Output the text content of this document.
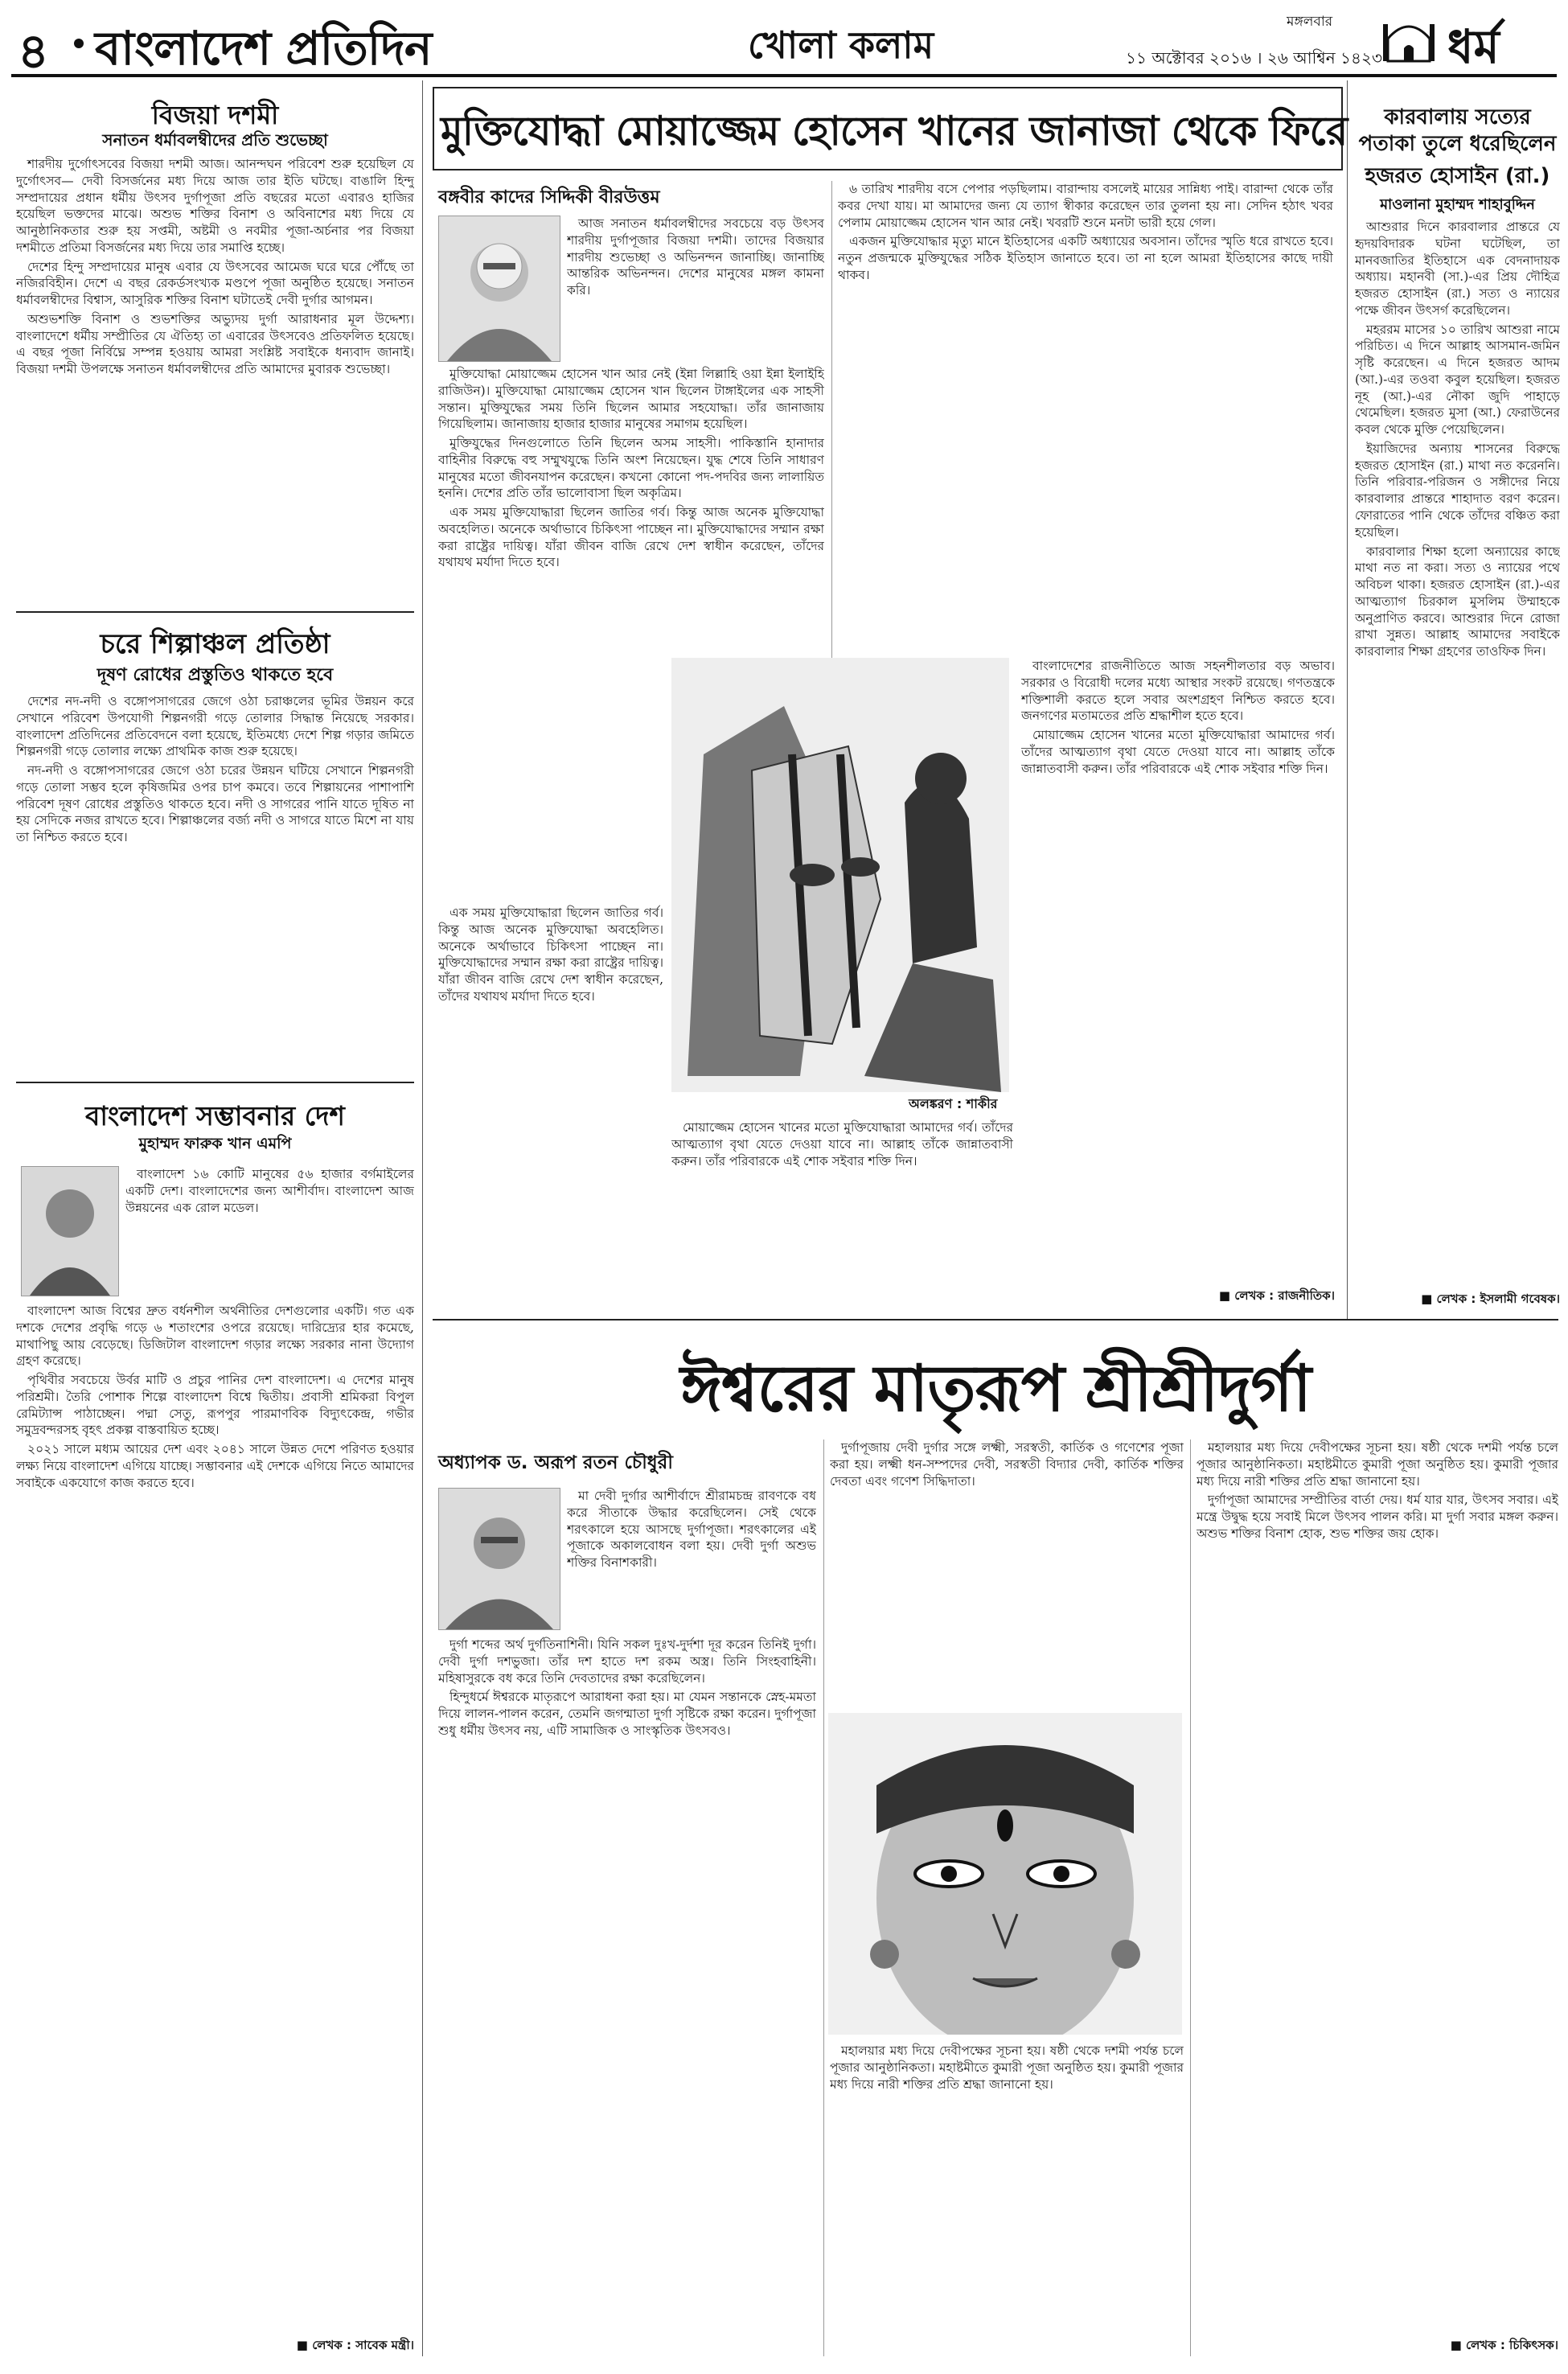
৪ বাংলাদেশ প্রতিদিন	খোলা কলাম
মঙ্গলবার
১১ অক্টোবর ২০১৬ । ২৬ আশ্বিন ১৪২৩ ধর্ম
বিজয়া দশমী
সনাতন ধর্মাবলম্বীদের প্রতি শুভেচ্ছা

শারদীয় দুর্গোৎসবের বিজয়া দশমী আজ। আনন্দঘন পরিবেশ শুরু হয়েছিল যে দুর্গোৎসব— দেবী বিসর্জনের মধ্য দিয়ে আজ তার ইতি ঘটছে। বাঙালি হিন্দু সম্প্রদায়ের প্রধান ধর্মীয় উৎসব দুর্গাপূজা প্রতি বছরের মতো এবারও হাজির হয়েছিল ভক্তদের মাঝে। অশুভ শক্তির বিনাশ ও অবিনাশের মধ্য দিয়ে যে আনুষ্ঠানিকতার শুরু হয় সপ্তমী, অষ্টমী ও নবমীর পূজা-অর্চনার পর বিজয়া দশমীতে প্রতিমা বিসর্জনের মধ্য দিয়ে তার সমাপ্তি হচ্ছে।

দেশের হিন্দু সম্প্রদায়ের মানুষ এবার যে উৎসবের আমেজ ঘরে ঘরে পৌঁছে তা নজিরবিহীন। দেশে এ বছর রেকর্ডসংখ্যক মণ্ডপে পূজা অনুষ্ঠিত হয়েছে। সনাতন ধর্মাবলম্বীদের বিশ্বাস, আসুরিক শক্তির বিনাশ ঘটাতেই দেবী দুর্গার আগমন।

অশুভশক্তি বিনাশ ও শুভশক্তির অভ্যুদয় দুর্গা আরাধনার মূল উদ্দেশ্য। বাংলাদেশে ধর্মীয় সম্প্রীতির যে ঐতিহ্য তা এবারের উৎসবেও প্রতিফলিত হয়েছে। এ বছর পূজা নির্বিঘ্নে সম্পন্ন হওয়ায় আমরা সংশ্লিষ্ট সবাইকে ধন্যবাদ জানাই। বিজয়া দশমী উপলক্ষে সনাতন ধর্মাবলম্বীদের প্রতি আমাদের মুবারক শুভেচ্ছা।

চরে শিল্পাঞ্চল প্রতিষ্ঠা
দূষণ রোধের প্রস্তুতিও থাকতে হবে

দেশের নদ-নদী ও বঙ্গোপসাগরের জেগে ওঠা চরাঞ্চলের ভূমির উন্নয়ন করে সেখানে পরিবেশ উপযোগী শিল্পনগরী গড়ে তোলার সিদ্ধান্ত নিয়েছে সরকার। বাংলাদেশ প্রতিদিনের প্রতিবেদনে বলা হয়েছে, ইতিমধ্যে দেশে শিল্প গড়ার জমিতে শিল্পনগরী গড়ে তোলার লক্ষ্যে প্রাথমিক কাজ শুরু হয়েছে।

নদ-নদী ও বঙ্গোপসাগরের জেগে ওঠা চরের উন্নয়ন ঘটিয়ে সেখানে শিল্পনগরী গড়ে তোলা সম্ভব হলে কৃষিজমির ওপর চাপ কমবে। তবে শিল্পায়নের পাশাপাশি পরিবেশ দূষণ রোধের প্রস্তুতিও থাকতে হবে। নদী ও সাগরের পানি যাতে দূষিত না হয় সেদিকে নজর রাখতে হবে। শিল্পাঞ্চলের বর্জ্য নদী ও সাগরে যাতে মিশে না যায় তা নিশ্চিত করতে হবে।

বাংলাদেশ সম্ভাবনার দেশ
মুহাম্মদ ফারুক খান এমপি

বাংলাদেশ ১৬ কোটি মানুষের ৫৬ হাজার বর্গমাইলের একটি দেশ। বাংলাদেশের জন্য আশীর্বাদ। বাংলাদেশ আজ উন্নয়নের এক রোল মডেল।

বাংলাদেশ আজ বিশ্বের দ্রুত বর্ধনশীল অর্থনীতির দেশগুলোর একটি। গত এক দশকে দেশের প্রবৃদ্ধি গড়ে ৬ শতাংশের ওপরে রয়েছে। দারিদ্র্যের হার কমেছে, মাথাপিছু আয় বেড়েছে। ডিজিটাল বাংলাদেশ গড়ার লক্ষ্যে সরকার নানা উদ্যোগ গ্রহণ করেছে।

পৃথিবীর সবচেয়ে উর্বর মাটি ও প্রচুর পানির দেশ বাংলাদেশ। এ দেশের মানুষ পরিশ্রমী। তৈরি পোশাক শিল্পে বাংলাদেশ বিশ্বে দ্বিতীয়। প্রবাসী শ্রমিকরা বিপুল রেমিট্যান্স পাঠাচ্ছেন। পদ্মা সেতু, রূপপুর পারমাণবিক বিদ্যুৎকেন্দ্র, গভীর সমুদ্রবন্দরসহ বৃহৎ প্রকল্প বাস্তবায়িত হচ্ছে।

২০২১ সালে মধ্যম আয়ের দেশ এবং ২০৪১ সালে উন্নত দেশে পরিণত হওয়ার লক্ষ্য নিয়ে বাংলাদেশ এগিয়ে যাচ্ছে। সম্ভাবনার এই দেশকে এগিয়ে নিতে আমাদের সবাইকে একযোগে কাজ করতে হবে।

■ লেখক : সাবেক মন্ত্রী।
মুক্তিযোদ্ধা মোয়াজ্জেম হোসেন খানের জানাজা থেকে ফিরে
বঙ্গবীর কাদের সিদ্দিকী বীরউত্তম

আজ সনাতন ধর্মাবলম্বীদের সবচেয়ে বড় উৎসব শারদীয় দুর্গাপূজার বিজয়া দশমী। তাদের বিজয়ার শারদীয় শুভেচ্ছা ও অভিনন্দন জানাচ্ছি। জানাচ্ছি আন্তরিক অভিনন্দন। দেশের মানুষের মঙ্গল কামনা করি।

মুক্তিযোদ্ধা মোয়াজ্জেম হোসেন খান আর নেই (ইন্না লিল্লাহি ওয়া ইন্না ইলাইহি রাজিউন)। মুক্তিযোদ্ধা মোয়াজ্জেম হোসেন খান ছিলেন টাঙ্গাইলের এক সাহসী সন্তান। মুক্তিযুদ্ধের সময় তিনি ছিলেন আমার সহযোদ্ধা। তাঁর জানাজায় গিয়েছিলাম। জানাজায় হাজার হাজার মানুষের সমাগম হয়েছিল।

মুক্তিযুদ্ধের দিনগুলোতে তিনি ছিলেন অসম সাহসী। পাকিস্তানি হানাদার বাহিনীর বিরুদ্ধে বহু সম্মুখযুদ্ধে তিনি অংশ নিয়েছেন। যুদ্ধ শেষে তিনি সাধারণ মানুষের মতো জীবনযাপন করেছেন। কখনো কোনো পদ-পদবির জন্য লালায়িত হননি। দেশের প্রতি তাঁর ভালোবাসা ছিল অকৃত্রিম।

এক সময় মুক্তিযোদ্ধারা ছিলেন জাতির গর্ব। কিন্তু আজ অনেক মুক্তিযোদ্ধা অবহেলিত। অনেকে অর্থাভাবে চিকিৎসা পাচ্ছেন না। মুক্তিযোদ্ধাদের সম্মান রক্ষা করা রাষ্ট্রের দায়িত্ব। যাঁরা জীবন বাজি রেখে দেশ স্বাধীন করেছেন, তাঁদের যথাযথ মর্যাদা দিতে হবে।

৬ তারিখ শারদীয় বসে পেপার পড়ছিলাম। বারান্দায় বসলেই মায়ের সান্নিধ্য পাই। বারান্দা থেকে তাঁর কবর দেখা যায়। মা আমাদের জন্য যে ত্যাগ স্বীকার করেছেন তার তুলনা হয় না। সেদিন হঠাৎ খবর পেলাম মোয়াজ্জেম হোসেন খান আর নেই। খবরটি শুনে মনটা ভারী হয়ে গেল।

একজন মুক্তিযোদ্ধার মৃত্যু মানে ইতিহাসের একটি অধ্যায়ের অবসান। তাঁদের স্মৃতি ধরে রাখতে হবে। নতুন প্রজন্মকে মুক্তিযুদ্ধের সঠিক ইতিহাস জানাতে হবে। তা না হলে আমরা ইতিহাসের কাছে দায়ী থাকব।

অলঙ্করণ : শাকীর

বাংলাদেশের রাজনীতিতে আজ সহনশীলতার বড় অভাব। সরকার ও বিরোধী দলের মধ্যে আস্থার সংকট রয়েছে। গণতন্ত্রকে শক্তিশালী করতে হলে সবার অংশগ্রহণ নিশ্চিত করতে হবে। জনগণের মতামতের প্রতি শ্রদ্ধাশীল হতে হবে।

মোয়াজ্জেম হোসেন খানের মতো মুক্তিযোদ্ধারা আমাদের গর্ব। তাঁদের আত্মত্যাগ বৃথা যেতে দেওয়া যাবে না। আল্লাহ তাঁকে জান্নাতবাসী করুন। তাঁর পরিবারকে এই শোক সইবার শক্তি দিন।

এক সময় মুক্তিযোদ্ধারা ছিলেন জাতির গর্ব। কিন্তু আজ অনেক মুক্তিযোদ্ধা অবহেলিত। অনেকে অর্থাভাবে চিকিৎসা পাচ্ছেন না। মুক্তিযোদ্ধাদের সম্মান রক্ষা করা রাষ্ট্রের দায়িত্ব। যাঁরা জীবন বাজি রেখে দেশ স্বাধীন করেছেন, তাঁদের যথাযথ মর্যাদা দিতে হবে।

মোয়াজ্জেম হোসেন খানের মতো মুক্তিযোদ্ধারা আমাদের গর্ব। তাঁদের আত্মত্যাগ বৃথা যেতে দেওয়া যাবে না। আল্লাহ তাঁকে জান্নাতবাসী করুন। তাঁর পরিবারকে এই শোক সইবার শক্তি দিন।

■ লেখক : রাজনীতিক।
কারবালায় সত্যের পতাকা তুলে ধরেছিলেন
হজরত হোসাইন (রা.)
মাওলানা মুহাম্মদ শাহাবুদ্দিন

আশুরার দিনে কারবালার প্রান্তরে যে হৃদয়বিদারক ঘটনা ঘটেছিল, তা মানবজাতির ইতিহাসে এক বেদনাদায়ক অধ্যায়। মহানবী (সা.)-এর প্রিয় দৌহিত্র হজরত হোসাইন (রা.) সত্য ও ন্যায়ের পক্ষে জীবন উৎসর্গ করেছিলেন।

মহররম মাসের ১০ তারিখ আশুরা নামে পরিচিত। এ দিনে আল্লাহ আসমান-জমিন সৃষ্টি করেছেন। এ দিনে হজরত আদম (আ.)-এর তওবা কবুল হয়েছিল। হজরত নূহ (আ.)-এর নৌকা জুদি পাহাড়ে থেমেছিল। হজরত মুসা (আ.) ফেরাউনের কবল থেকে মুক্তি পেয়েছিলেন।

ইয়াজিদের অন্যায় শাসনের বিরুদ্ধে হজরত হোসাইন (রা.) মাথা নত করেননি। তিনি পরিবার-পরিজন ও সঙ্গীদের নিয়ে কারবালার প্রান্তরে শাহাদাত বরণ করেন। ফোরাতের পানি থেকে তাঁদের বঞ্চিত করা হয়েছিল।

কারবালার শিক্ষা হলো অন্যায়ের কাছে মাথা নত না করা। সত্য ও ন্যায়ের পথে অবিচল থাকা। হজরত হোসাইন (রা.)-এর আত্মত্যাগ চিরকাল মুসলিম উম্মাহকে অনুপ্রাণিত করবে। আশুরার দিনে রোজা রাখা সুন্নত। আল্লাহ আমাদের সবাইকে কারবালার শিক্ষা গ্রহণের তাওফিক দিন।

■ লেখক : ইসলামী গবেষক।
ঈশ্বরের মাতৃরূপ শ্রীশ্রীদুর্গা
অধ্যাপক ড. অরূপ রতন চৌধুরী

মা দেবী দুর্গার আশীর্বাদে শ্রীরামচন্দ্র রাবণকে বধ করে সীতাকে উদ্ধার করেছিলেন। সেই থেকে শরৎকালে হয়ে আসছে দুর্গাপূজা। শরৎকালের এই পূজাকে অকালবোধন বলা হয়। দেবী দুর্গা অশুভ শক্তির বিনাশকারী।

দুর্গা শব্দের অর্থ দুর্গতিনাশিনী। যিনি সকল দুঃখ-দুর্দশা দূর করেন তিনিই দুর্গা। দেবী দুর্গা দশভুজা। তাঁর দশ হাতে দশ রকম অস্ত্র। তিনি সিংহবাহিনী। মহিষাসুরকে বধ করে তিনি দেবতাদের রক্ষা করেছিলেন।

হিন্দুধর্মে ঈশ্বরকে মাতৃরূপে আরাধনা করা হয়। মা যেমন সন্তানকে স্নেহ-মমতা দিয়ে লালন-পালন করেন, তেমনি জগন্মাতা দুর্গা সৃষ্টিকে রক্ষা করেন। দুর্গাপূজা শুধু ধর্মীয় উৎসব নয়, এটি সামাজিক ও সাংস্কৃতিক উৎসবও।

দুর্গাপূজায় দেবী দুর্গার সঙ্গে লক্ষ্মী, সরস্বতী, কার্তিক ও গণেশের পূজা করা হয়। লক্ষ্মী ধন-সম্পদের দেবী, সরস্বতী বিদ্যার দেবী, কার্তিক শক্তির দেবতা এবং গণেশ সিদ্ধিদাতা।

মহালয়ার মধ্য দিয়ে দেবীপক্ষের সূচনা হয়। ষষ্ঠী থেকে দশমী পর্যন্ত চলে পূজার আনুষ্ঠানিকতা। মহাষ্টমীতে কুমারী পূজা অনুষ্ঠিত হয়। কুমারী পূজার মধ্য দিয়ে নারী শক্তির প্রতি শ্রদ্ধা জানানো হয়।

মহালয়ার মধ্য দিয়ে দেবীপক্ষের সূচনা হয়। ষষ্ঠী থেকে দশমী পর্যন্ত চলে পূজার আনুষ্ঠানিকতা। মহাষ্টমীতে কুমারী পূজা অনুষ্ঠিত হয়। কুমারী পূজার মধ্য দিয়ে নারী শক্তির প্রতি শ্রদ্ধা জানানো হয়।

দুর্গাপূজা আমাদের সম্প্রীতির বার্তা দেয়। ধর্ম যার যার, উৎসব সবার। এই মন্ত্রে উদ্বুদ্ধ হয়ে সবাই মিলে উৎসব পালন করি। মা দুর্গা সবার মঙ্গল করুন। অশুভ শক্তির বিনাশ হোক, শুভ শক্তির জয় হোক।

■ লেখক : চিকিৎসক।
